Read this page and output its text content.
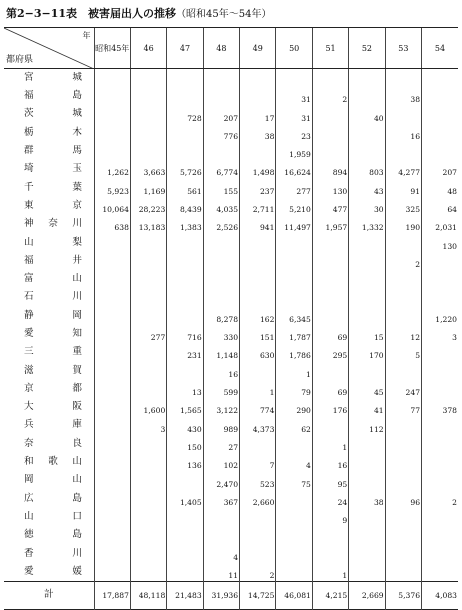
第2−3−11表　被害届出人の推移（昭和45年〜54年）
年
都府県	昭和45年	46	47	48	49	50	51	52	53	54

宮 城										

福 島						31	2		38	

茨 城			728	207	17	31		40		

栃 木				776	38	23			16	

群 馬						1,959				

埼 玉	1,262	3,663	5,726	6,774	1,498	16,624	894	803	4,277	207

千 葉	5,923	1,169	561	155	237	277	130	43	91	48

東 京	10,064	28,223	8,439	4,035	2,711	5,210	477	30	325	64

神 奈 川	638	13,183	1,383	2,526	941	11,497	1,957	1,332	190	2,031

山 梨										130

福 井									2	

富 山										

石 川										

静 岡				8,278	162	6,345				1,220

愛 知		277	716	330	151	1,787	69	15	12	3

三 重			231	1,148	630	1,786	295	170	5	

滋 賀				16		1				

京 都			13	599	1	79	69	45	247	

大 阪		1,600	1,565	3,122	774	290	176	41	77	378

兵 庫		3	430	989	4,373	62		112		

奈 良			150	27			1			

和 歌 山			136	102	7	4	16			

岡 山				2,470	523	75	95			

広 島			1,405	367	2,660		24	38	96	2

山 口							9			

徳 島										

香 川				4						

愛 媛				11	2		1			
計	17,887	48,118	21,483	31,936	14,725	46,081	4,215	2,669	5,376	4,083
